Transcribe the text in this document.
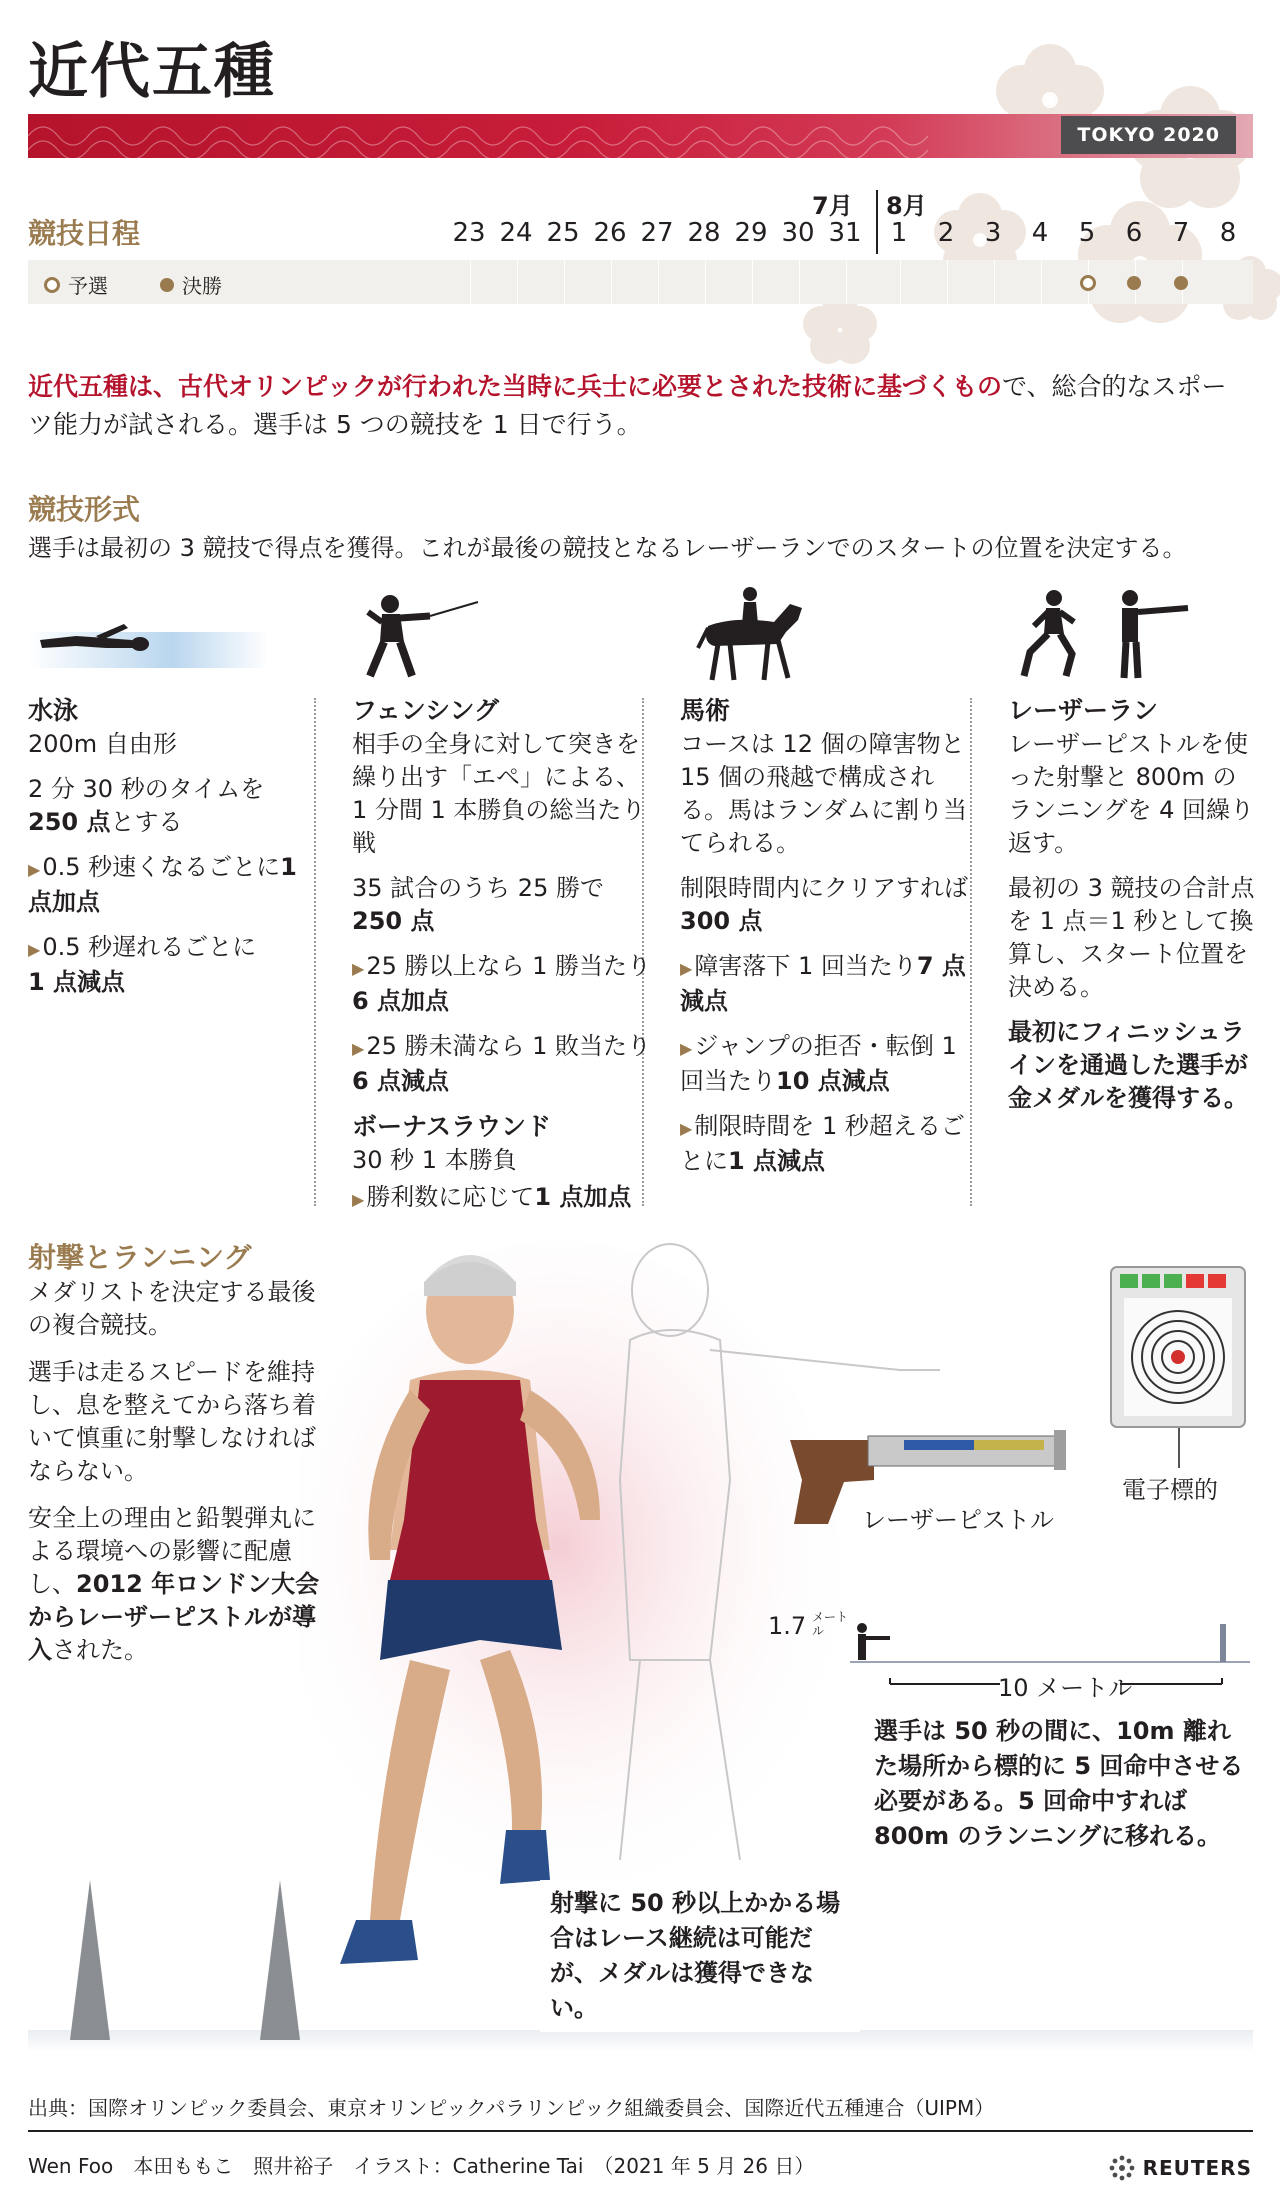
近代五種
TOKYO 2020
競技日程
7月 8月
23 24 25 26 27 28 29 30 31	1	2	3	4	5	6	7	8
予選	決勝
近代五種は、古代オリンピックが行われた当時に兵士に必要とされた技術に基づくもので、総合的なスポーツ能力が試される。選手は 5 つの競技を 1 日で行う。
競技形式
選手は最初の 3 競技で得点を獲得。これが最後の競技となるレーザーランでのスタートの位置を決定する。

水泳
200m 自由形

2 分 30 秒のタイムを
250 点とする

▶0.5 秒速くなるごとに1 点加点

▶0.5 秒遅れるごとに
1 点減点

フェンシング
相手の全身に対して突きを繰り出す「エペ」による、1 分間 1 本勝負の総当たり戦

35 試合のうち 25 勝で250 点

▶25 勝以上なら 1 勝当たり6 点加点

▶25 勝未満なら 1 敗当たり6 点減点

ボーナスラウンド
30 秒 1 本勝負

▶勝利数に応じて1 点加点

馬術
コースは 12 個の障害物と 15 個の飛越で構成される。馬はランダムに割り当てられる。

制限時間内にクリアすれば300 点

▶障害落下 1 回当たり7 点減点

▶ジャンプの拒否・転倒 1 回当たり10 点減点

▶制限時間を 1 秒超えるごとに1 点減点

レーザーラン
レーザーピストルを使った射撃と 800m のランニングを 4 回繰り返す。

最初の 3 競技の合計点を 1 点＝1 秒として換算し、スタート位置を決める。

最初にフィニッシュラインを通過した選手が金メダルを獲得する。

射撃とランニング

メダリストを決定する最後の複合競技。

選手は走るスピードを維持し、息を整えてから落ち着いて慎重に射撃しなければならない。

安全上の理由と鉛製弾丸による環境への影響に配慮し、2012 年ロンドン大会からレーザーピストルが導入された。

電子標的
レーザーピストル
1.7 メートル
10 メートル
選手は 50 秒の間に、10m 離れた場所から標的に 5 回命中させる必要がある。5 回命中すれば 800m のランニングに移れる。
射撃に 50 秒以上かかる場合はレース継続は可能だが、メダルは獲得できない。
出典：国際オリンピック委員会、東京オリンピックパラリンピック組織委員会、国際近代五種連合（UIPM）
Wen Foo　本田ももこ　照井裕子　イラスト：Catherine Tai　（2021 年 5 月 26 日）	REUTERS
